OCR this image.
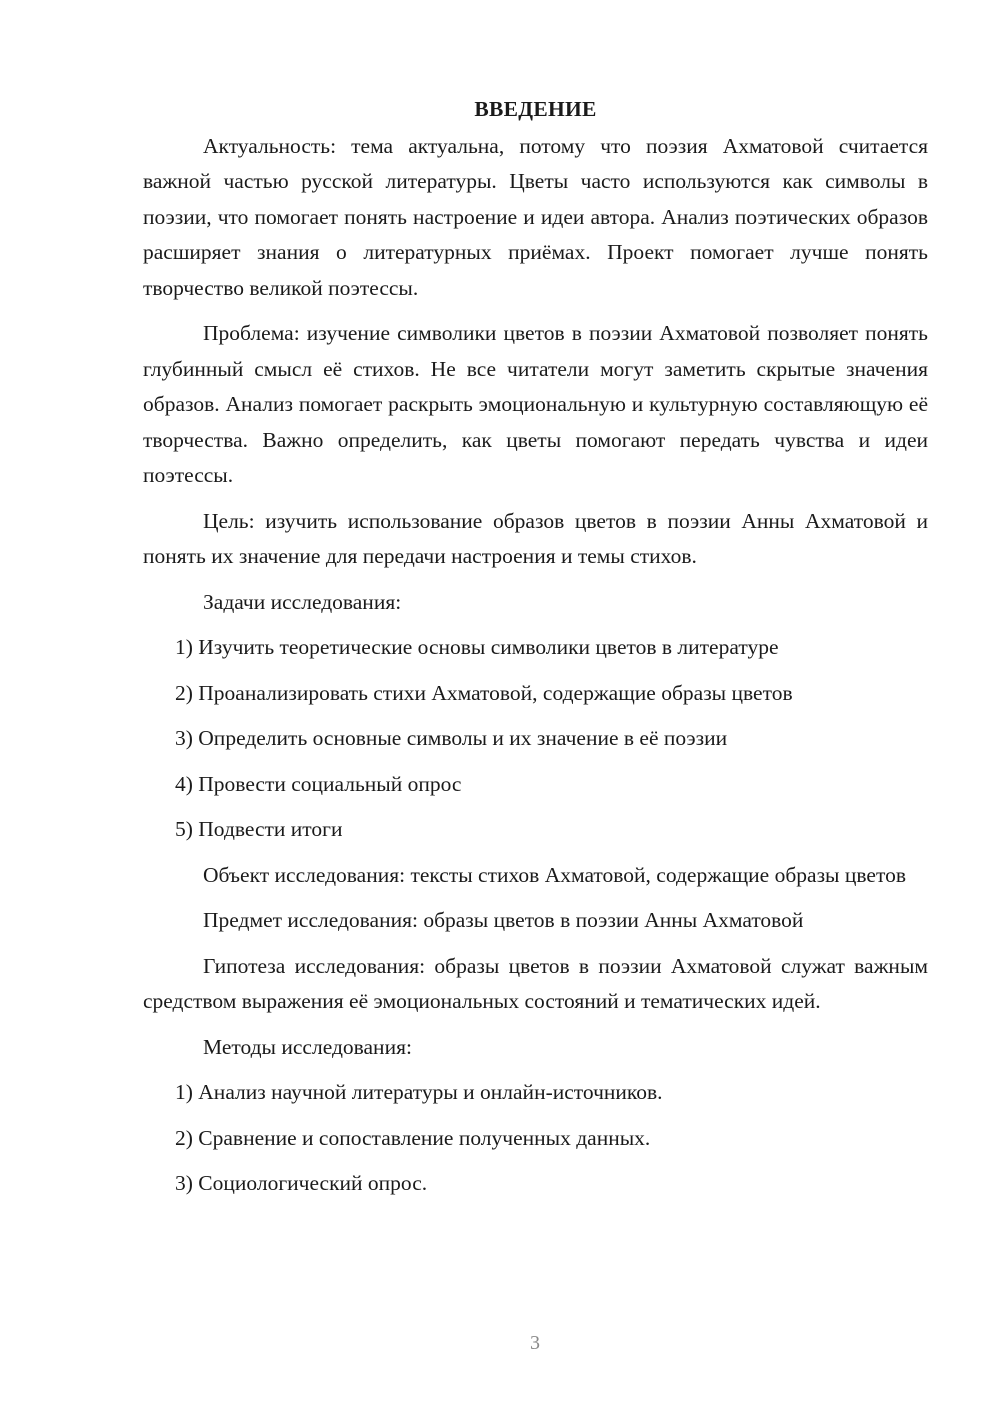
ВВЕДЕНИЕ

Актуальность: тема актуальна, потому что поэзия Ахматовой считается важной частью русской литературы. Цветы часто используются как символы в поэзии, что помогает понять настроение и идеи автора. Анализ поэтических образов расширяет знания о литературных приёмах. Проект помогает лучше понять творчество великой поэтессы.

Проблема: изучение символики цветов в поэзии Ахматовой позволяет понять глубинный смысл её стихов. Не все читатели могут заметить скрытые значения образов. Анализ помогает раскрыть эмоциональную и культурную составляющую её творчества. Важно определить, как цветы помогают передать чувства и идеи поэтессы.

Цель: изучить использование образов цветов в поэзии Анны Ахматовой и понять их значение для передачи настроения и темы стихов.

Задачи исследования:

1) Изучить теоретические основы символики цветов в литературе
2) Проанализировать стихи Ахматовой, содержащие образы цветов
3) Определить основные символы и их значение в её поэзии
4) Провести социальный опрос
5) Подвести итоги

Объект исследования: тексты стихов Ахматовой, содержащие образы цветов

Предмет исследования: образы цветов в поэзии Анны Ахматовой

Гипотеза исследования: образы цветов в поэзии Ахматовой служат важным средством выражения её эмоциональных состояний и тематических идей.

Методы исследования:

1) Анализ научной литературы и онлайн-источников.
2) Сравнение и сопоставление полученных данных.
3) Социологический опрос.
3
